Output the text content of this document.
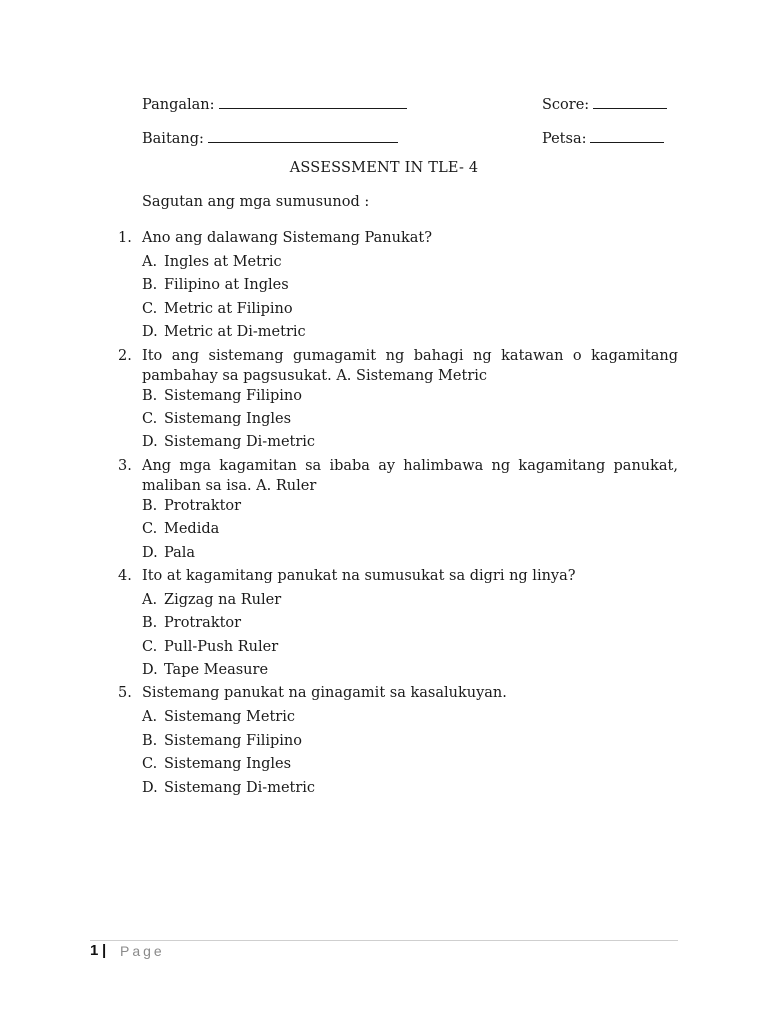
Pangalan:	Score:
Baitang:	Petsa:
ASSESSMENT IN TLE- 4
Sagutan ang mga sumusunod :
1. Ano ang dalawang Sistemang Panukat?
A. Ingles at Metric
B. Filipino at Ingles
C. Metric at Filipino
D. Metric at Di-metric
2. Ito ang sistemang gumagamit ng bahagi ng katawan o kagamitang pambahay sa pagsusukat. A. Sistemang Metric
B. Sistemang Filipino
C. Sistemang Ingles
D. Sistemang Di-metric
3. Ang mga kagamitan sa ibaba ay halimbawa ng kagamitang panukat, maliban sa isa. A. Ruler
B. Protraktor
C. Medida
D. Pala
4. Ito at kagamitang panukat na sumusukat sa digri ng linya?
A. Zigzag na Ruler
B. Protraktor
C. Pull-Push Ruler
D. Tape Measure
5. Sistemang panukat na ginagamit sa kasalukuyan.
A. Sistemang Metric
B. Sistemang Filipino
C. Sistemang Ingles
D. Sistemang Di-metric
1 | Page
